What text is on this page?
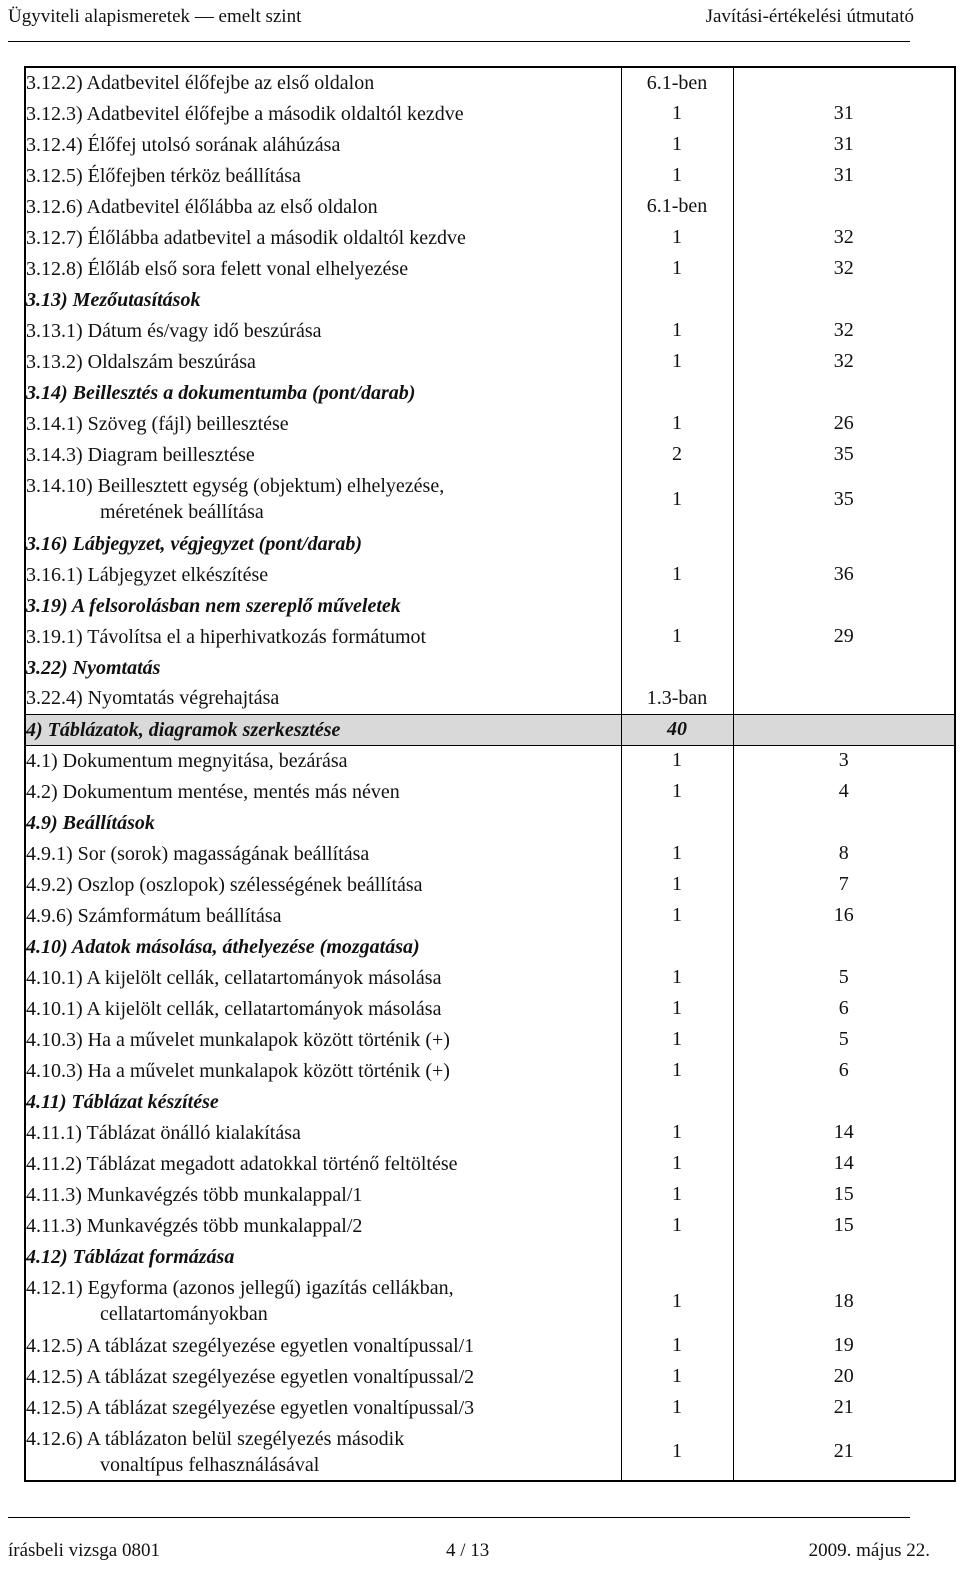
Ügyviteli alapismeretek — emelt szint	Javítási-értékelési útmutató
3.12.2) Adatbevitel élőfejbe az első oldalon	6.1-ben	
3.12.3) Adatbevitel élőfejbe a második oldaltól kezdve	1	31
3.12.4) Élőfej utolsó sorának aláhúzása	1	31
3.12.5) Élőfejben térköz beállítása	1	31
3.12.6) Adatbevitel élőlábba az első oldalon	6.1-ben	
3.12.7) Élőlábba adatbevitel a második oldaltól kezdve	1	32
3.12.8) Élőláb első sora felett vonal elhelyezése	1	32
3.13) Mezőutasítások		
3.13.1) Dátum és/vagy idő beszúrása	1	32
3.13.2) Oldalszám beszúrása	1	32
3.14) Beillesztés a dokumentumba (pont/darab)		
3.14.1) Szöveg (fájl) beillesztése	1	26
3.14.3) Diagram beillesztése	2	35

3.14.10) Beillesztett egység (objektum) elhelyezése,
méretének beállítása	1	35
3.16) Lábjegyzet, végjegyzet (pont/darab)		
3.16.1) Lábjegyzet elkészítése	1	36
3.19) A felsorolásban nem szereplő műveletek		
3.19.1) Távolítsa el a hiperhivatkozás formátumot	1	29
3.22) Nyomtatás		
3.22.4) Nyomtatás végrehajtása	1.3-ban	
4) Táblázatok, diagramok szerkesztése	40	
4.1) Dokumentum megnyitása, bezárása	1	3
4.2) Dokumentum mentése, mentés más néven	1	4
4.9) Beállítások		
4.9.1) Sor (sorok) magasságának beállítása	1	8
4.9.2) Oszlop (oszlopok) szélességének beállítása	1	7
4.9.6) Számformátum beállítása	1	16
4.10) Adatok másolása, áthelyezése (mozgatása)		
4.10.1) A kijelölt cellák, cellatartományok másolása	1	5
4.10.1) A kijelölt cellák, cellatartományok másolása	1	6
4.10.3) Ha a művelet munkalapok között történik (+)	1	5
4.10.3) Ha a művelet munkalapok között történik (+)	1	6
4.11) Táblázat készítése		
4.11.1) Táblázat önálló kialakítása	1	14
4.11.2) Táblázat megadott adatokkal történő feltöltése	1	14
4.11.3) Munkavégzés több munkalappal/1	1	15
4.11.3) Munkavégzés több munkalappal/2	1	15
4.12) Táblázat formázása		

4.12.1) Egyforma (azonos jellegű) igazítás cellákban,
cellatartományokban	1	18
4.12.5) A táblázat szegélyezése egyetlen vonaltípussal/1	1	19
4.12.5) A táblázat szegélyezése egyetlen vonaltípussal/2	1	20
4.12.5) A táblázat szegélyezése egyetlen vonaltípussal/3	1	21

4.12.6) A táblázaton belül szegélyezés második
vonaltípus felhasználásával	1	21
írásbeli vizsga 0801	4 / 13	2009. május 22.
